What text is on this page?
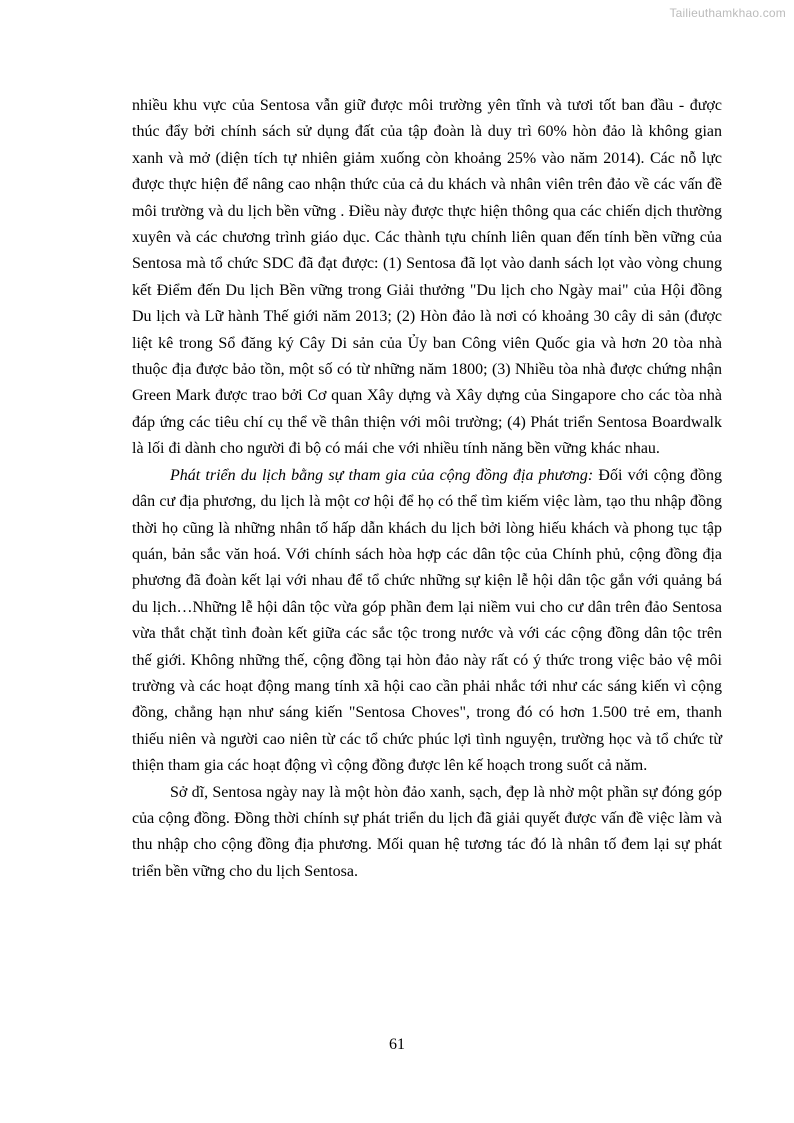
Tailieuthamkhao.com

nhiều khu vực của Sentosa vẫn giữ được môi trường yên tĩnh và tươi tốt ban đầu - được thúc đẩy bởi chính sách sử dụng đất của tập đoàn là duy trì 60% hòn đảo là không gian xanh và mở (diện tích tự nhiên giảm xuống còn khoảng 25% vào năm 2014). Các nỗ lực được thực hiện để nâng cao nhận thức của cả du khách và nhân viên trên đảo về các vấn đề môi trường và du lịch bền vững . Điều này được thực hiện thông qua các chiến dịch thường xuyên và các chương trình giáo dục. Các thành tựu chính liên quan đến tính bền vững của Sentosa mà tổ chức SDC đã đạt được: (1) Sentosa đã lọt vào danh sách lọt vào vòng chung kết Điểm đến Du lịch Bền vững trong Giải thưởng "Du lịch cho Ngày mai" của Hội đồng Du lịch và Lữ hành Thế giới năm 2013; (2) Hòn đảo là nơi có khoảng 30 cây di sản (được liệt kê trong Sổ đăng ký Cây Di sản của Ủy ban Công viên Quốc gia và hơn 20 tòa nhà thuộc địa được bảo tồn, một số có từ những năm 1800; (3) Nhiều tòa nhà được chứng nhận Green Mark được trao bởi Cơ quan Xây dựng và Xây dựng của Singapore cho các tòa nhà đáp ứng các tiêu chí cụ thể về thân thiện với môi trường; (4) Phát triển Sentosa Boardwalk là lối đi dành cho người đi bộ có mái che với nhiều tính năng bền vững khác nhau.

Phát triển du lịch bằng sự tham gia của cộng đồng địa phương: Đối với cộng đồng dân cư địa phương, du lịch là một cơ hội để họ có thể tìm kiếm việc làm, tạo thu nhập đồng thời họ cũng là những nhân tố hấp dẫn khách du lịch bởi lòng hiếu khách và phong tục tập quán, bản sắc văn hoá. Với chính sách hòa hợp các dân tộc của Chính phủ, cộng đồng địa phương đã đoàn kết lại với nhau để tổ chức những sự kiện lễ hội dân tộc gắn với quảng bá du lịch…Những lễ hội dân tộc vừa góp phần đem lại niềm vui cho cư dân trên đảo Sentosa vừa thắt chặt tình đoàn kết giữa các sắc tộc trong nước và với các cộng đồng dân tộc trên thế giới. Không những thế, cộng đồng tại hòn đảo này rất có ý thức trong việc bảo vệ môi trường và các hoạt động mang tính xã hội cao cần phải nhắc tới như các sáng kiến vì cộng đồng, chẳng hạn như sáng kiến "Sentosa Choves", trong đó có hơn 1.500 trẻ em, thanh thiếu niên và người cao niên từ các tổ chức phúc lợi tình nguyện, trường học và tổ chức từ thiện tham gia các hoạt động vì cộng đồng được lên kế hoạch trong suốt cả năm.

Sở dĩ, Sentosa ngày nay là một hòn đảo xanh, sạch, đẹp là nhờ một phần sự đóng góp của cộng đồng. Đồng thời chính sự phát triển du lịch đã giải quyết được vấn đề việc làm và thu nhập cho cộng đồng địa phương. Mối quan hệ tương tác đó là nhân tố đem lại sự phát triển bền vững cho du lịch Sentosa.

61
